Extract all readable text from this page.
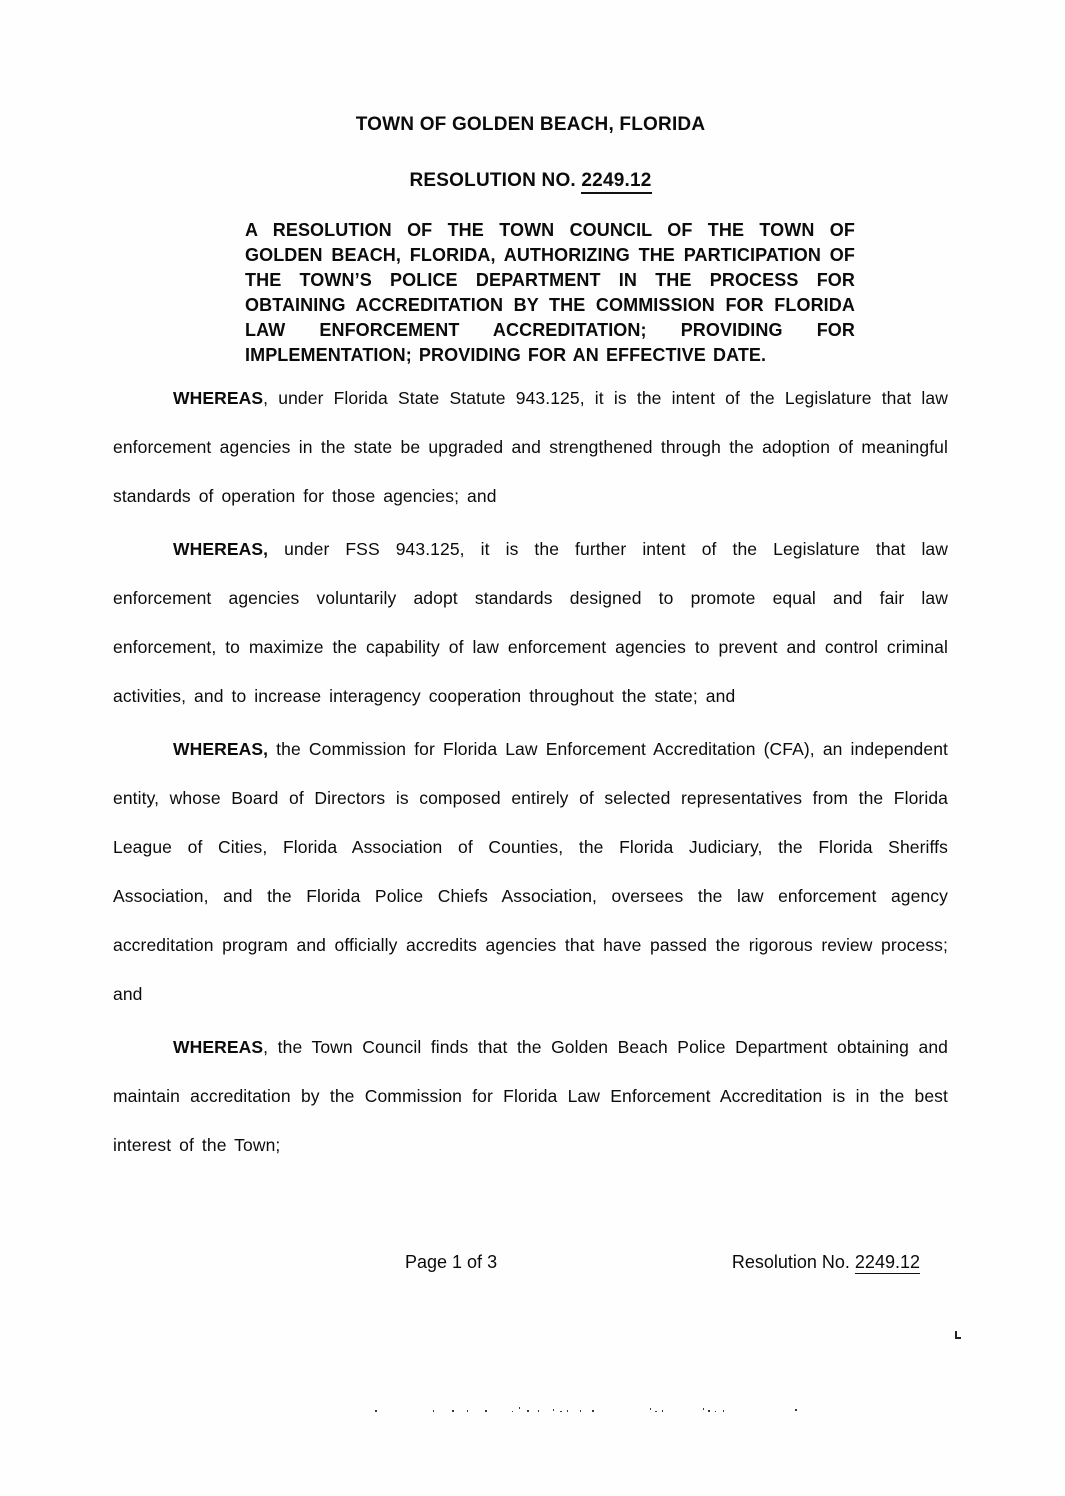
TOWN OF GOLDEN BEACH, FLORIDA
RESOLUTION NO. 2249.12
A RESOLUTION OF THE TOWN COUNCIL OF THE TOWN OF GOLDEN BEACH, FLORIDA, AUTHORIZING THE PARTICIPATION OF THE TOWN’S POLICE DEPARTMENT IN THE PROCESS FOR OBTAINING ACCREDITATION BY THE COMMISSION FOR FLORIDA LAW ENFORCEMENT ACCREDITATION; PROVIDING FOR IMPLEMENTATION; PROVIDING FOR AN EFFECTIVE DATE.

WHEREAS, under Florida State Statute 943.125, it is the intent of the Legislature that law enforcement agencies in the state be upgraded and strengthened through the adoption of meaningful standards of operation for those agencies; and

WHEREAS, under FSS 943.125, it is the further intent of the Legislature that law enforcement agencies voluntarily adopt standards designed to promote equal and fair law enforcement, to maximize the capability of law enforcement agencies to prevent and control criminal activities, and to increase interagency cooperation throughout the state; and

WHEREAS, the Commission for Florida Law Enforcement Accreditation (CFA), an independent entity, whose Board of Directors is composed entirely of selected representatives from the Florida League of Cities, Florida Association of Counties, the Florida Judiciary, the Florida Sheriffs Association, and the Florida Police Chiefs Association, oversees the law enforcement agency accreditation program and officially accredits agencies that have passed the rigorous review process; and

WHEREAS, the Town Council finds that the Golden Beach Police Department obtaining and maintain accreditation by the Commission for Florida Law Enforcement Accreditation is in the best interest of the Town;

Page 1 of 3	Resolution No. 2249.12
